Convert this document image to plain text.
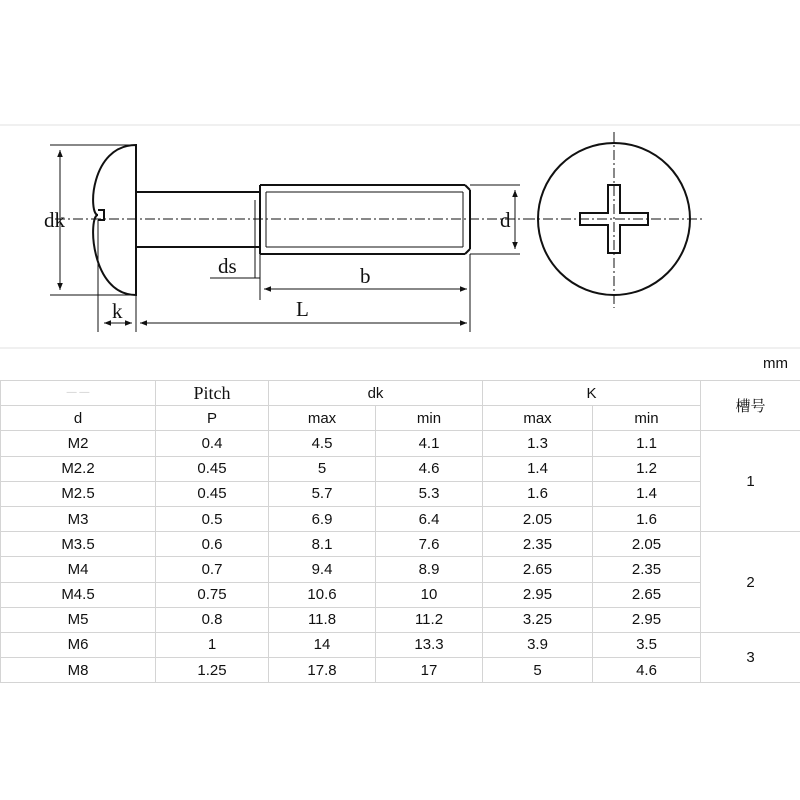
dk
k
ds	b
L
d
mm
— —	Pitch	dk		K		槽号
d	P	max	min	max	min	
M2	0.4	4.5	4.1	1.3	1.1	1
M2.2	0.45	5	4.6	1.4	1.2	
M2.5	0.45	5.7	5.3	1.6	1.4	
M3	0.5	6.9	6.4	2.05	1.6	
M3.5	0.6	8.1	7.6	2.35	2.05	2
M4	0.7	9.4	8.9	2.65	2.35	
M4.5	0.75	10.6	10	2.95	2.65	
M5	0.8	11.8	11.2	3.25	2.95	
M6	1	14	13.3	3.9	3.5	3
M8	1.25	17.8	17	5	4.6	
